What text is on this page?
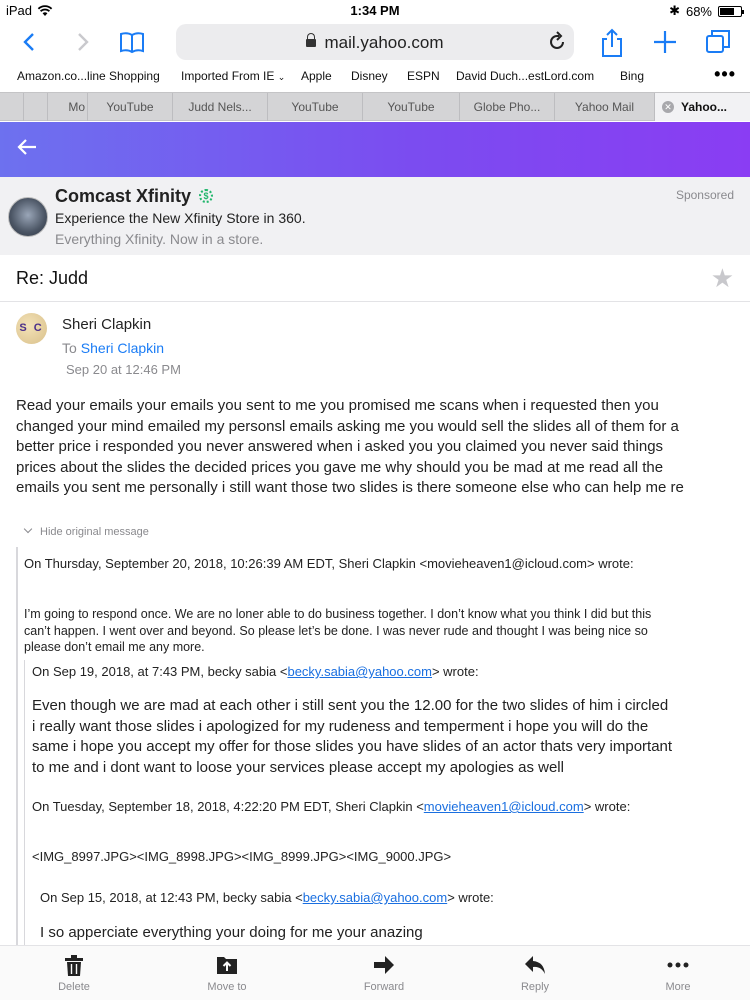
iPad	1:34 PM	✱ 68%
mail.yahoo.com
Amazon.co...line Shopping Imported From IE ⌄ Apple Disney ESPN David Duch...estLord.com Bing	•••
Mo	YouTube	Judd Nels...	YouTube	YouTube	Globe Pho...	Yahoo Mail	✕ Yahoo...
Comcast Xfinity	$	Sponsored
Experience the New Xfinity Store in 360.
Everything Xfinity. Now in a store.
Re: Judd	★
S C Sheri Clapkin
To Sheri Clapkin
Sep 20 at 12:46 PM
Read your emails your emails you sent to me you promised me scans when i requested then you
changed your mind emailed my personsl emails asking me you would sell the slides all of them for a
better price i responded you never answered when i asked you you claimed you never said things
prices about the slides the decided prices you gave me why should you be mad at me read all the
emails you sent me personally i still want those two slides is there someone else who can help me re
Hide original message
On Thursday, September 20, 2018, 10:26:39 AM EDT, Sheri Clapkin <movieheaven1@icloud.com> wrote:
I’m going to respond once. We are no loner able to do business together. I don’t know what you think I did but this
can’t happen. I went over and beyond. So please let’s be done. I was never rude and thought I was being nice so
please don’t email me any more.
On Sep 19, 2018, at 7:43 PM, becky sabia <becky.sabia@yahoo.com> wrote:
Even though we are mad at each other i still sent you the 12.00 for the two slides of him i circled
i really want those slides i apologized for my rudeness and temperment i hope you will do the
same i hope you accept my offer for those slides you have slides of an actor thats very important
to me and i dont want to loose your services please accept my apologies as well
On Tuesday, September 18, 2018, 4:22:20 PM EDT, Sheri Clapkin <movieheaven1@icloud.com> wrote:
<IMG_8997.JPG><IMG_8998.JPG><IMG_8999.JPG><IMG_9000.JPG>
On Sep 15, 2018, at 12:43 PM, becky sabia <becky.sabia@yahoo.com> wrote:
I so apperciate everything your doing for me your anazing
Delete	Move to	Forward	Reply	More
